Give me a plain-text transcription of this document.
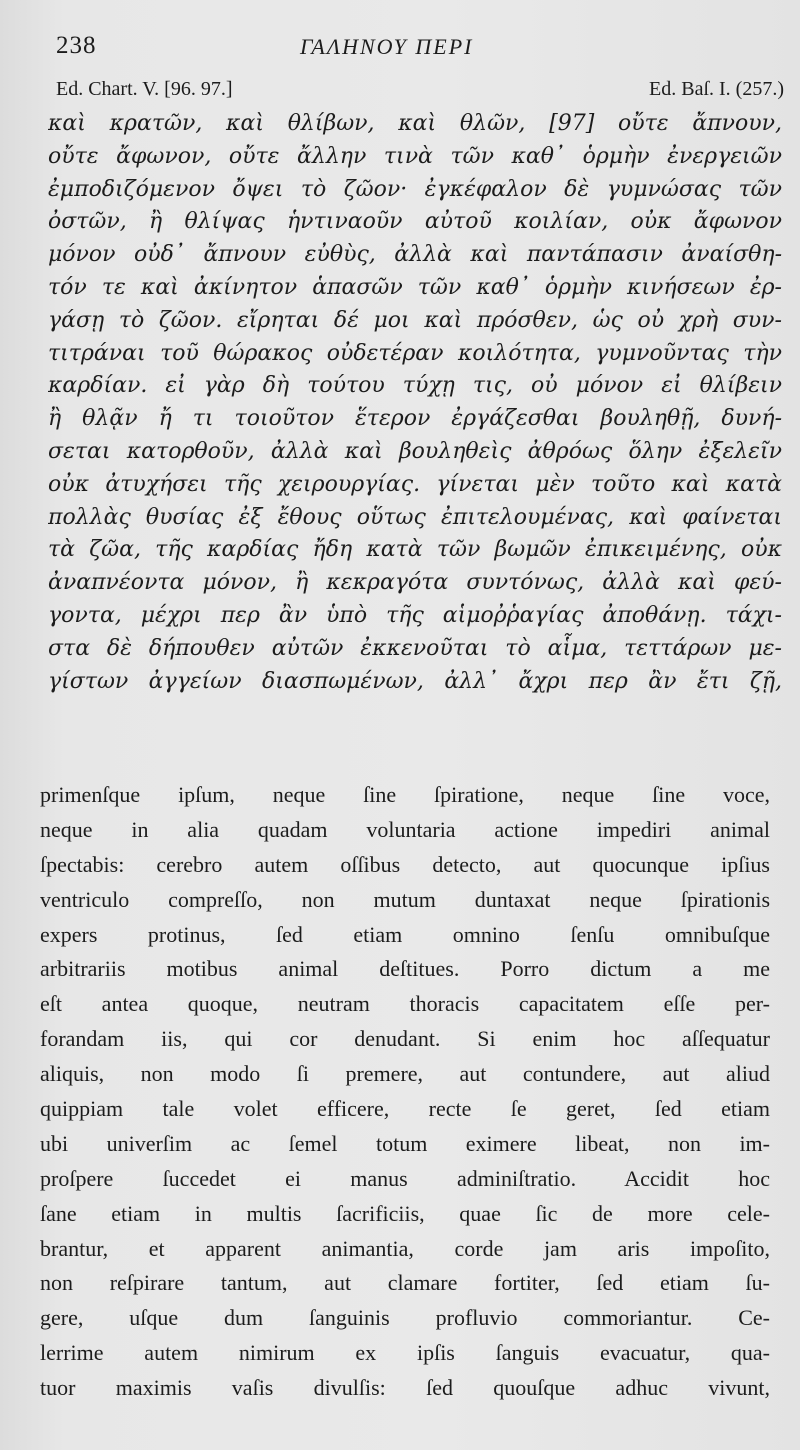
238	ΓΑΛΗΝΟΥ ΠΕΡΙ
Ed. Chart. V. [96. 97.]	Ed. Baſ. I. (257.)
καὶ κρατῶν, καὶ θλίβων, καὶ θλῶν, [97] οὔτε ἄπνουν,
οὔτε ἄφωνον, οὔτε ἄλλην τινὰ τῶν καθ᾽ ὁρμὴν ἐνεργειῶν
ἐμποδιζόμενον ὄψει τὸ ζῶον· ἐγκέφαλον δὲ γυμνώσας τῶν
ὀστῶν, ἢ θλίψας ἡντιναοῦν αὐτοῦ κοιλίαν, οὐκ ἄφωνον
μόνον οὐδ᾽ ἄπνουν εὐθὺς, ἀλλὰ καὶ παντάπασιν ἀναίσθη-
τόν τε καὶ ἀκίνητον ἁπασῶν τῶν καθ᾽ ὁρμὴν κινήσεων ἐρ-
γάσῃ τὸ ζῶον. εἴρηται δέ μοι καὶ πρόσθεν, ὡς οὐ χρὴ συν-
τιτράναι τοῦ θώρακος οὐδετέραν κοιλότητα, γυμνοῦντας τὴν
καρδίαν. εἰ γὰρ δὴ τούτου τύχῃ τις, οὐ μόνον εἰ θλίβειν
ἢ θλᾷν ἤ τι τοιοῦτον ἕτερον ἐργάζεσθαι βουληθῇ, δυνή-
σεται κατορθοῦν, ἀλλὰ καὶ βουληθεὶς ἀθρόως ὅλην ἐξελεῖν
οὐκ ἀτυχήσει τῆς χειρουργίας. γίνεται μὲν τοῦτο καὶ κατὰ
πολλὰς θυσίας ἐξ ἔθους οὕτως ἐπιτελουμένας, καὶ φαίνεται
τὰ ζῶα, τῆς καρδίας ἤδη κατὰ τῶν βωμῶν ἐπικειμένης, οὐκ
ἀναπνέοντα μόνον, ἢ κεκραγότα συντόνως, ἀλλὰ καὶ φεύ-
γοντα, μέχρι περ ἂν ὑπὸ τῆς αἱμοῤῥαγίας ἀποθάνῃ. τάχι-
στα δὲ δήπουθεν αὐτῶν ἐκκενοῦται τὸ αἷμα, τεττάρων με-
γίστων ἀγγείων διασπωμένων, ἀλλ᾽ ἄχρι περ ἂν ἔτι ζῇ,
primenſque ipſum, neque ſine ſpiratione, neque ſine voce,
neque in alia quadam voluntaria actione impediri animal
ſpectabis: cerebro autem oſſibus detecto, aut quocunque ipſius
ventriculo compreſſo, non mutum duntaxat neque ſpirationis
expers protinus, ſed etiam omnino ſenſu omnibuſque
arbitrariis motibus animal deſtitues. Porro dictum a me
eſt antea quoque, neutram thoracis capacitatem eſſe per-
forandam iis, qui cor denudant. Si enim hoc aſſequatur
aliquis, non modo ſi premere, aut contundere, aut aliud
quippiam tale volet efficere, recte ſe geret, ſed etiam
ubi univerſim ac ſemel totum eximere libeat, non im-
proſpere ſuccedet ei manus adminiſtratio. Accidit hoc
ſane etiam in multis ſacrificiis, quae ſic de more cele-
brantur, et apparent animantia, corde jam aris impoſito,
non reſpirare tantum, aut clamare fortiter, ſed etiam ſu-
gere, uſque dum ſanguinis profluvio commoriantur. Ce-
lerrime autem nimirum ex ipſis ſanguis evacuatur, qua-
tuor maximis vaſis divulſis: ſed quouſque adhuc vivunt,
